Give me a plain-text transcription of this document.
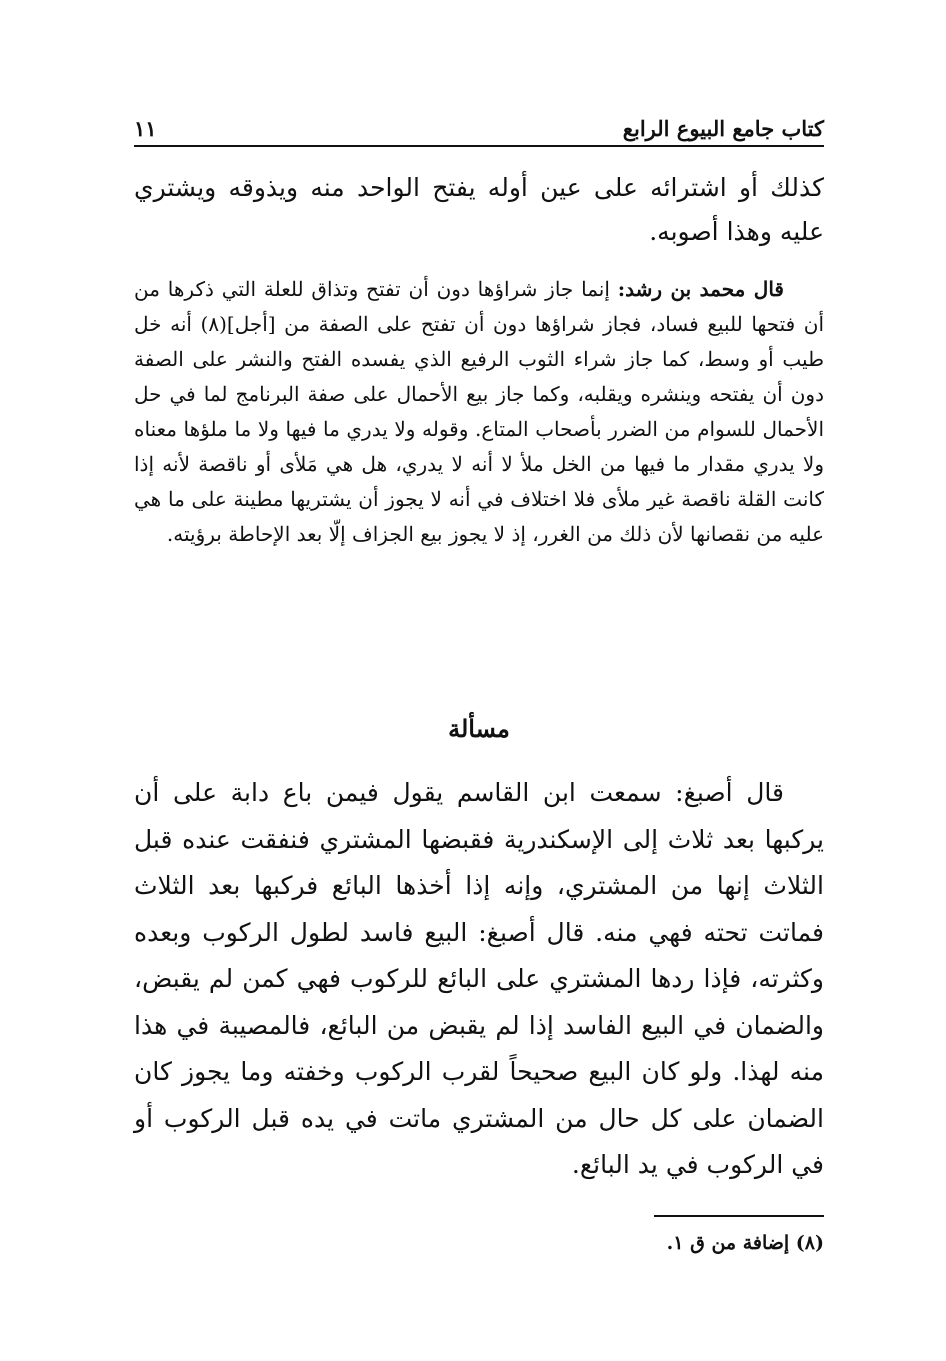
كتاب جامع البيوع الرابع
١١

كذلك أو اشترائه على عين أوله يفتح الواحد منه ويذوقه ويشتري عليه وهذا أصوبه.

قال محمد بن رشد: إنما جاز شراؤها دون أن تفتح وتذاق للعلة التي ذكرها من أن فتحها للبيع فساد، فجاز شراؤها دون أن تفتح على الصفة من [أجل](٨) أنه خل طيب أو وسط، كما جاز شراء الثوب الرفيع الذي يفسده الفتح والنشر على الصفة دون أن يفتحه وينشره ويقلبه، وكما جاز بيع الأحمال على صفة البرنامج لما في حل الأحمال للسوام من الضرر بأصحاب المتاع. وقوله ولا يدري ما فيها ولا ما ملؤها معناه ولا يدري مقدار ما فيها من الخل ملأ لا أنه لا يدري، هل هي مَلأى أو ناقصة لأنه إذا كانت القلة ناقصة غير ملأى فلا اختلاف في أنه لا يجوز أن يشتريها مطينة على ما هي عليه من نقصانها لأن ذلك من الغرر، إذ لا يجوز بيع الجزاف إلّا بعد الإحاطة برؤيته.

مسألة

قال أصبغ: سمعت ابن القاسم يقول فيمن باع دابة على أن يركبها بعد ثلاث إلى الإسكندرية فقبضها المشتري فنفقت عنده قبل الثلاث إنها من المشتري، وإنه إذا أخذها البائع فركبها بعد الثلاث فماتت تحته فهي منه. قال أصبغ: البيع فاسد لطول الركوب وبعده وكثرته، فإذا ردها المشتري على البائع للركوب فهي كمن لم يقبض، والضمان في البيع الفاسد إذا لم يقبض من البائع، فالمصيبة في هذا منه لهذا. ولو كان البيع صحيحاً لقرب الركوب وخفته وما يجوز كان الضمان على كل حال من المشتري ماتت في يده قبل الركوب أو في الركوب في يد البائع.

(٨) إضافة من ق ١.
